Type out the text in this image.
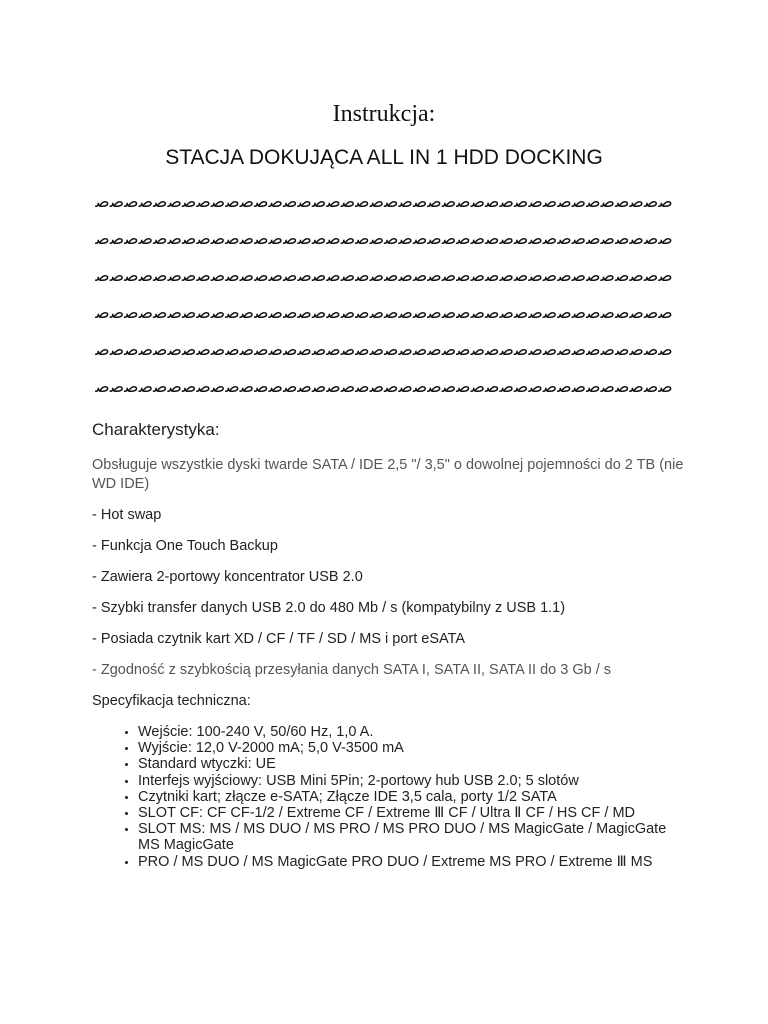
Instrukcja:
STACJA DOKUJĄCA ALL IN 1 HDD DOCKING
ﺻﺻﺻﺻﺻﺻﺻﺻﺻﺻﺻﺻﺻﺻﺻﺻﺻﺻﺻﺻﺻﺻﺻﺻﺻﺻﺻﺻﺻﺻﺻﺻﺻﺻﺻﺻﺻﺻﺻﺻ
ﺻﺻﺻﺻﺻﺻﺻﺻﺻﺻﺻﺻﺻﺻﺻﺻﺻﺻﺻﺻﺻﺻﺻﺻﺻﺻﺻﺻﺻﺻﺻﺻﺻﺻﺻﺻﺻﺻﺻﺻ
ﺻﺻﺻﺻﺻﺻﺻﺻﺻﺻﺻﺻﺻﺻﺻﺻﺻﺻﺻﺻﺻﺻﺻﺻﺻﺻﺻﺻﺻﺻﺻﺻﺻﺻﺻﺻﺻﺻﺻﺻ
ﺻﺻﺻﺻﺻﺻﺻﺻﺻﺻﺻﺻﺻﺻﺻﺻﺻﺻﺻﺻﺻﺻﺻﺻﺻﺻﺻﺻﺻﺻﺻﺻﺻﺻﺻﺻﺻﺻﺻﺻ
ﺻﺻﺻﺻﺻﺻﺻﺻﺻﺻﺻﺻﺻﺻﺻﺻﺻﺻﺻﺻﺻﺻﺻﺻﺻﺻﺻﺻﺻﺻﺻﺻﺻﺻﺻﺻﺻﺻﺻﺻ
ﺻﺻﺻﺻﺻﺻﺻﺻﺻﺻﺻﺻﺻﺻﺻﺻﺻﺻﺻﺻﺻﺻﺻﺻﺻﺻﺻﺻﺻﺻﺻﺻﺻﺻﺻﺻﺻﺻﺻﺻ
Charakterystyka:

Obsługuje wszystkie dyski twarde SATA / IDE 2,5 "/ 3,5" o dowolnej pojemności do 2 TB (nie WD IDE)

- Hot swap

- Funkcja One Touch Backup

- Zawiera 2-portowy koncentrator USB 2.0

- Szybki transfer danych USB 2.0 do 480 Mb / s (kompatybilny z USB 1.1)

- Posiada czytnik kart XD / CF / TF / SD / MS i port eSATA

- Zgodność z szybkością przesyłania danych SATA I, SATA II, SATA II do 3 Gb / s

Specyfikacja techniczna:

• Wejście: 100-240 V, 50/60 Hz, 1,0 A.
• Wyjście: 12,0 V-2000 mA; 5,0 V-3500 mA
• Standard wtyczki: UE
• Interfejs wyjściowy: USB Mini 5Pin; 2-portowy hub USB 2.0; 5 slotów
• Czytniki kart; złącze e-SATA; Złącze IDE 3,5 cala, porty 1/2 SATA
• SLOT CF: CF CF-1/2 / Extreme CF / Extreme Ⅲ CF / Ultra Ⅱ CF / HS CF / MD
• SLOT MS: MS / MS DUO / MS PRO / MS PRO DUO / MS MagicGate / MagicGate MS MagicGate
• PRO / MS DUO / MS MagicGate PRO DUO / Extreme MS PRO / Extreme Ⅲ MS
